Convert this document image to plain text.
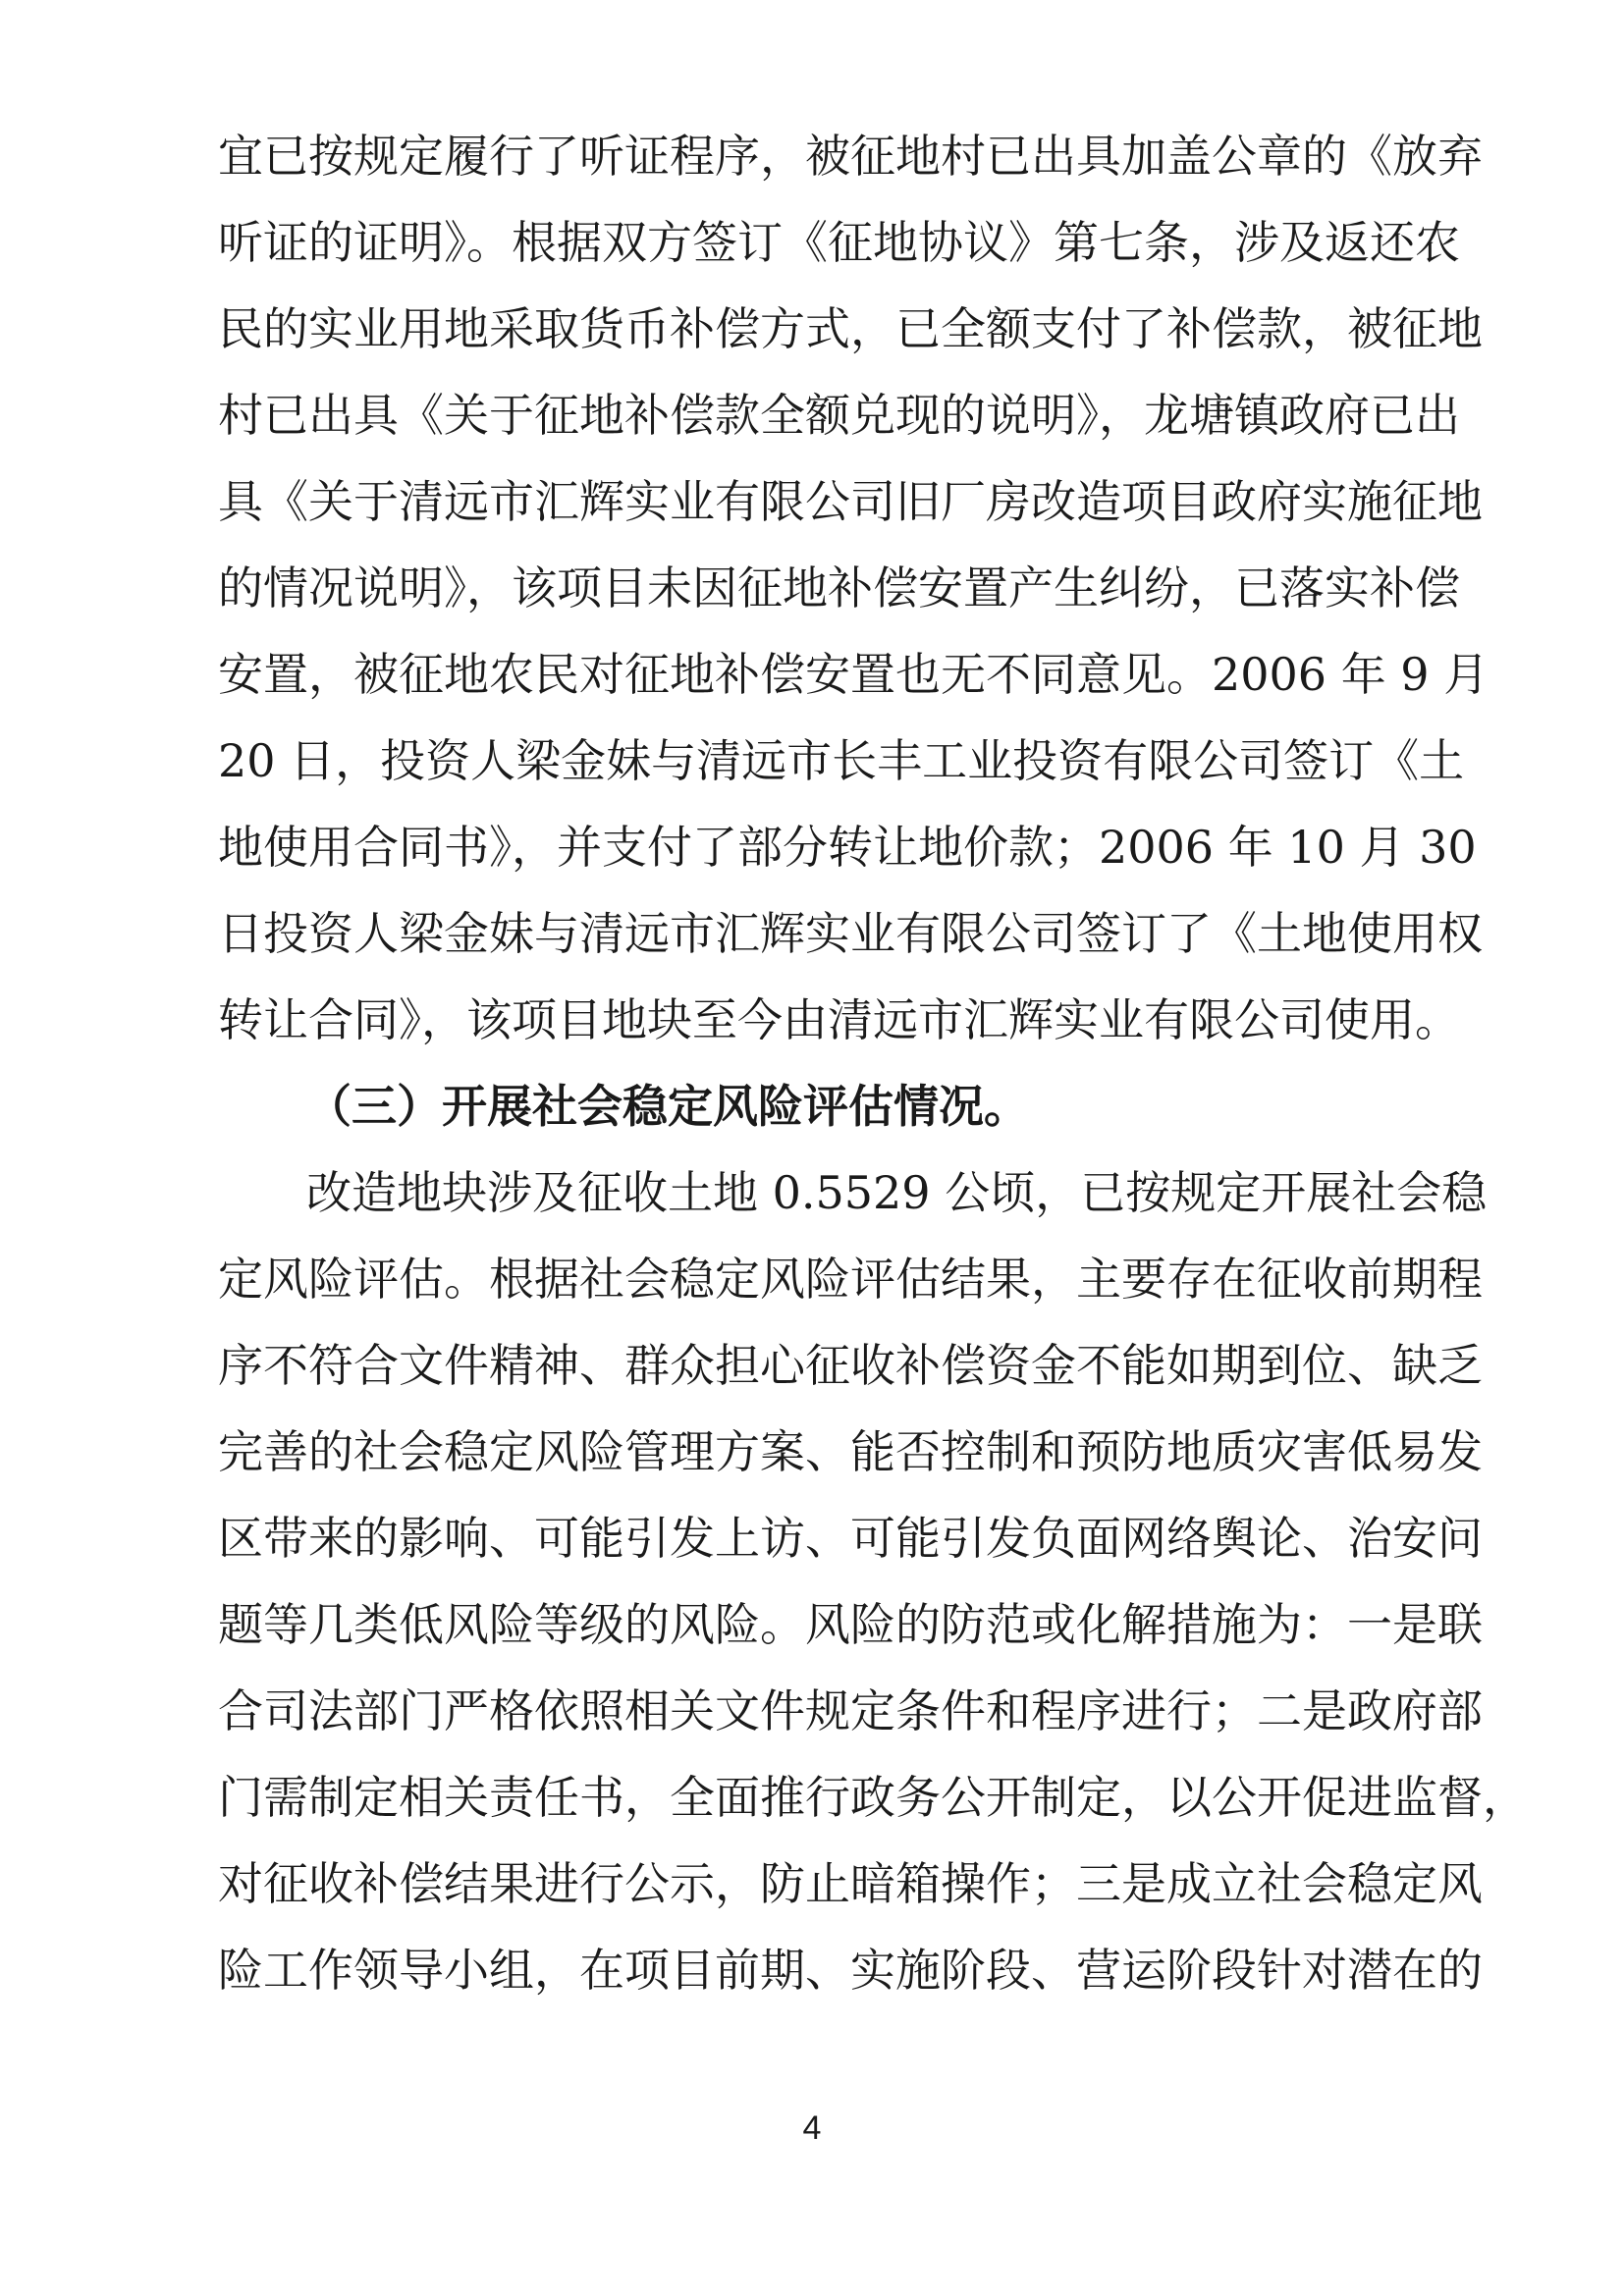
宜已按规定履行了听证程序，被征地村已出具加盖公章的《放弃
听证的证明》。根据双方签订《征地协议》第七条，涉及返还农
民的实业用地采取货币补偿方式，已全额支付了补偿款，被征地
村已出具《关于征地补偿款全额兑现的说明》，龙塘镇政府已出
具《关于清远市汇辉实业有限公司旧厂房改造项目政府实施征地
的情况说明》，该项目未因征地补偿安置产生纠纷，已落实补偿
安置，被征地农民对征地补偿安置也无不同意见。2006 年 9 月
20 日，投资人梁金妹与清远市长丰工业投资有限公司签订《土
地使用合同书》，并支付了部分转让地价款；2006 年 10 月 30
日投资人梁金妹与清远市汇辉实业有限公司签订了《土地使用权
转让合同》，该项目地块至今由清远市汇辉实业有限公司使用。
（三）开展社会稳定风险评估情况。
改造地块涉及征收土地 0.5529 公顷，已按规定开展社会稳
定风险评估。根据社会稳定风险评估结果，主要存在征收前期程
序不符合文件精神、群众担心征收补偿资金不能如期到位、缺乏
完善的社会稳定风险管理方案、能否控制和预防地质灾害低易发
区带来的影响、可能引发上访、可能引发负面网络舆论、治安问
题等几类低风险等级的风险。风险的防范或化解措施为：一是联
合司法部门严格依照相关文件规定条件和程序进行；二是政府部
门需制定相关责任书，全面推行政务公开制定，以公开促进监督，
对征收补偿结果进行公示，防止暗箱操作；三是成立社会稳定风
险工作领导小组，在项目前期、实施阶段、营运阶段针对潜在的
4
